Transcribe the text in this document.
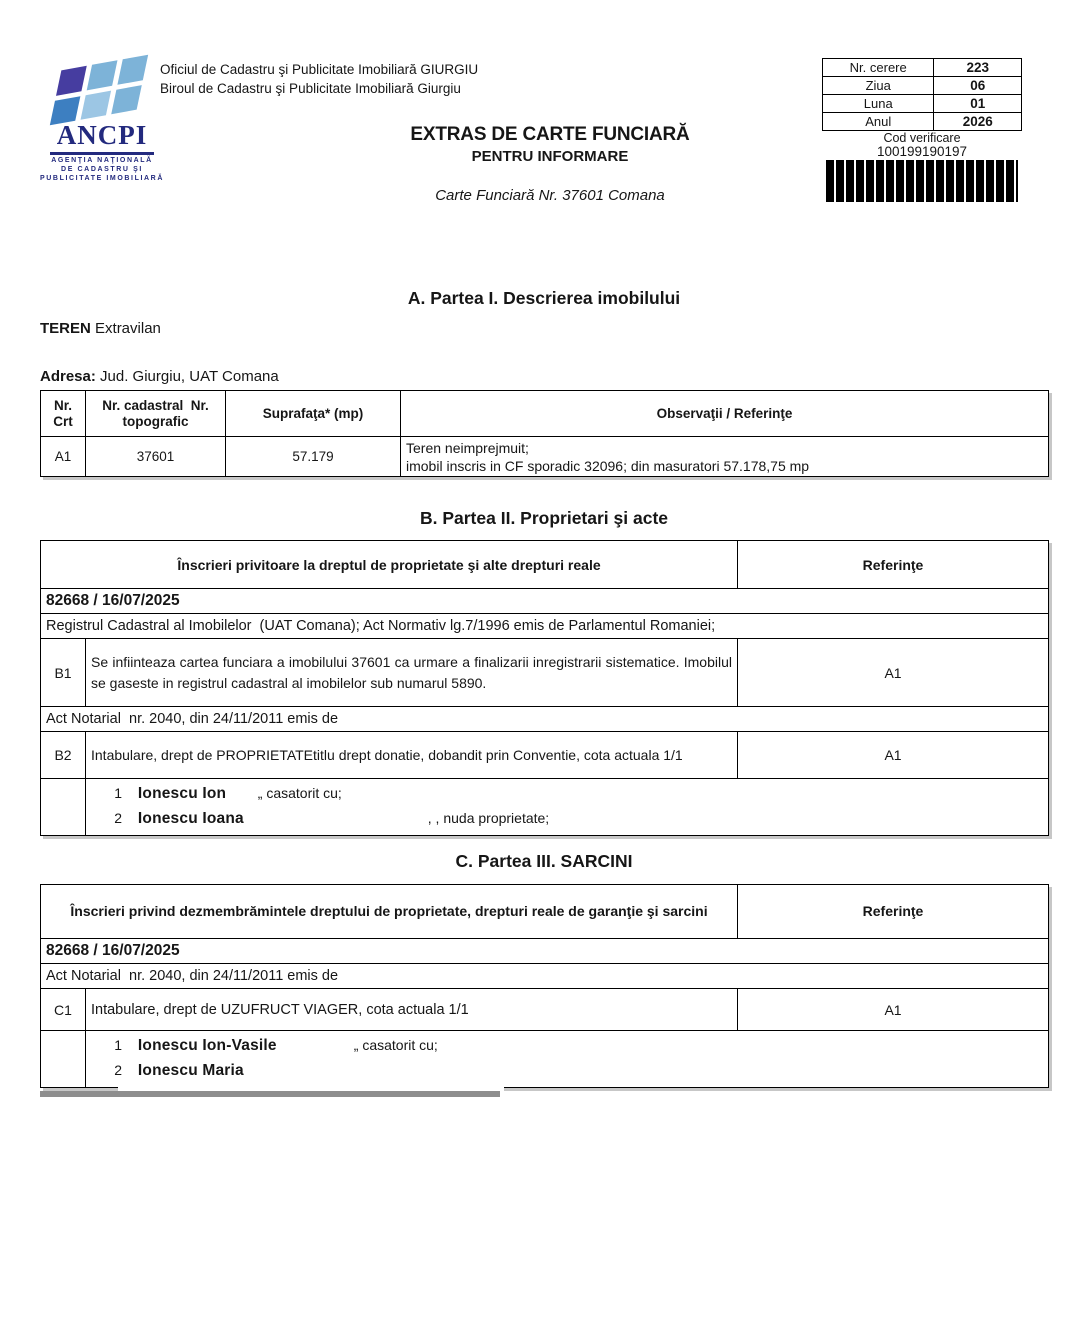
ANCPI
AGENŢIA NAŢIONALĂ
DE CADASTRU ŞI
PUBLICITATE IMOBILIARĂ
Oficiul de Cadastru şi Publicitate Imobiliară GIURGIU
Biroul de Cadastru şi Publicitate Imobiliară Giurgiu
EXTRAS DE CARTE FUNCIARĂ
PENTRU INFORMARE
Carte Funciară Nr. 37601 Comana
Nr. cerere	223
Ziua	06
Luna	01
Anul	2026
Cod verificare
100199190197
A. Partea I. Descrierea imobilului
TEREN Extravilan
Adresa: Jud. Giurgiu, UAT Comana
Nr. Crt	Nr. cadastral  Nr. topografic	Suprafaţa* (mp)	Observaţii / Referinţe
A1	37601	57.179	Teren neimprejmuit;
imobil inscris in CF sporadic 32096; din masuratori 57.178,75 mp
B. Partea II. Proprietari şi acte
Înscrieri privitoare la dreptul de proprietate şi alte drepturi reale		Referinţe
82668 / 16/07/2025		
Registrul Cadastral al Imobilelor  (UAT Comana); Act Normativ lg.7/1996 emis de Parlamentul Romaniei;		
B1	Se infiinteaza cartea funciara a imobilului 37601 ca urmare a finalizarii inregistrarii sistematice. Imobilul se gaseste in registrul cadastral al imobilelor sub numarul 5890.	A1
Act Notarial  nr. 2040, din 24/11/2011 emis de		
B2	Intabulare, drept de PROPRIETATEtitlu drept donatie, dobandit prin Conventie, cota actuala 1/1	A1

	1 Ionescu Ion „ casatorit cu;
2 Ionescu Ioana , , nuda proprietate;	
C. Partea III. SARCINI
Înscrieri privind dezmembrămintele dreptului de proprietate, drepturi reale de garanţie şi sarcini		Referinţe
82668 / 16/07/2025		
Act Notarial  nr. 2040, din 24/11/2011 emis de		
C1	Intabulare, drept de UZUFRUCT VIAGER, cota actuala 1/1	A1

	1 Ionescu Ion-Vasile „ casatorit cu;
2 Ionescu Maria	
